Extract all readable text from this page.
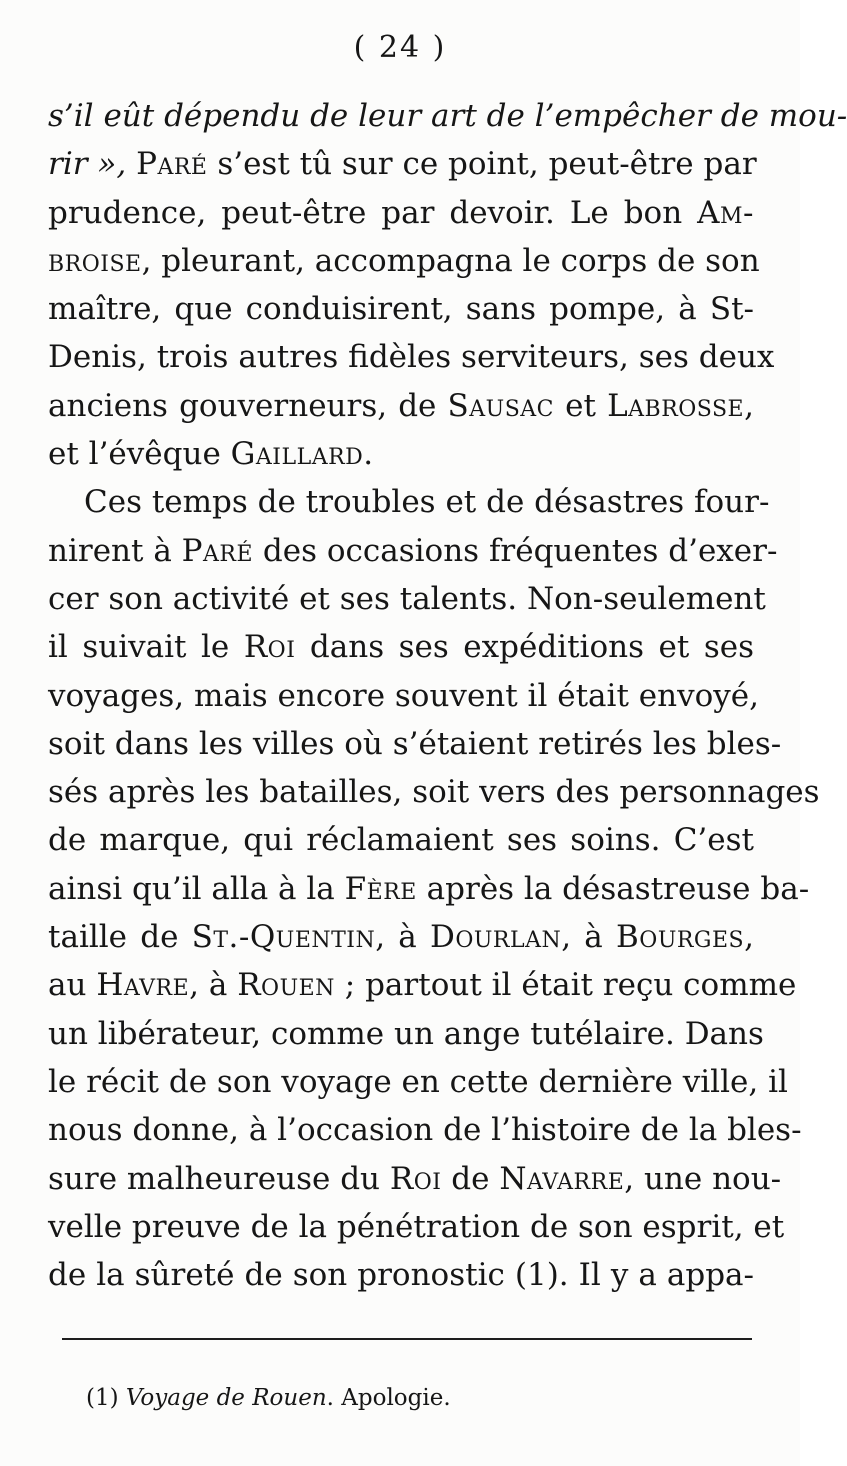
( 24 )
s’il eût dépendu de leur art de l’empêcher de mou-
rir », Paré s’est tû sur ce point, peut-être par
prudence, peut-être par devoir. Le bon Am-
broise, pleurant, accompagna le corps de son
maître, que conduisirent, sans pompe, à St-
Denis, trois autres fidèles serviteurs, ses deux
anciens gouverneurs, de Sausac et Labrosse,
et l’évêque Gaillard.
Ces temps de troubles et de désastres four-
nirent à Paré des occasions fréquentes d’exer-
cer son activité et ses talents. Non-seulement
il suivait le Roi dans ses expéditions et ses
voyages, mais encore souvent il était envoyé,
soit dans les villes où s’étaient retirés les bles-
sés après les batailles, soit vers des personnages
de marque, qui réclamaient ses soins. C’est
ainsi qu’il alla à la Fère après la désastreuse ba-
taille de St.-Quentin, à Dourlan, à Bourges,
au Havre, à Rouen ; partout il était reçu comme
un libérateur, comme un ange tutélaire. Dans
le récit de son voyage en cette dernière ville, il
nous donne, à l’occasion de l’histoire de la bles-
sure malheureuse du Roi de Navarre, une nou-
velle preuve de la pénétration de son esprit, et
de la sûreté de son pronostic (1). Il y a appa-
(1) Voyage de Rouen. Apologie.
